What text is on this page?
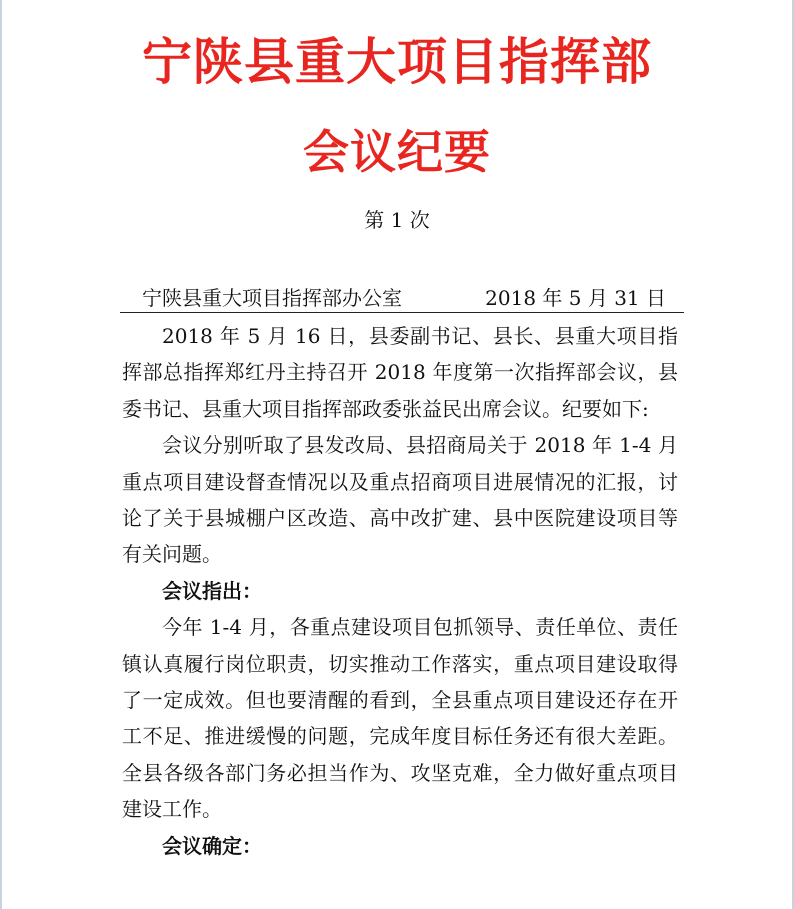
宁陕县重大项目指挥部
会议纪要
第 1 次
宁陕县重大项目指挥部办公室	2018 年 5 月 31 日

2018 年 5 月 16 日，县委副书记、县长、县重大项目指挥部总指挥郑红丹主持召开 2018 年度第一次指挥部会议，县委书记、县重大项目指挥部政委张益民出席会议。纪要如下:

会议分别听取了县发改局、县招商局关于 2018 年 1-4 月重点项目建设督查情况以及重点招商项目进展情况的汇报，讨论了关于县城棚户区改造、高中改扩建、县中医院建设项目等有关问题。

会议指出：

今年 1-4 月，各重点建设项目包抓领导、责任单位、责任镇认真履行岗位职责，切实推动工作落实，重点项目建设取得了一定成效。但也要清醒的看到，全县重点项目建设还存在开工不足、推进缓慢的问题，完成年度目标任务还有很大差距。全县各级各部门务必担当作为、攻坚克难，全力做好重点项目建设工作。

会议确定：
